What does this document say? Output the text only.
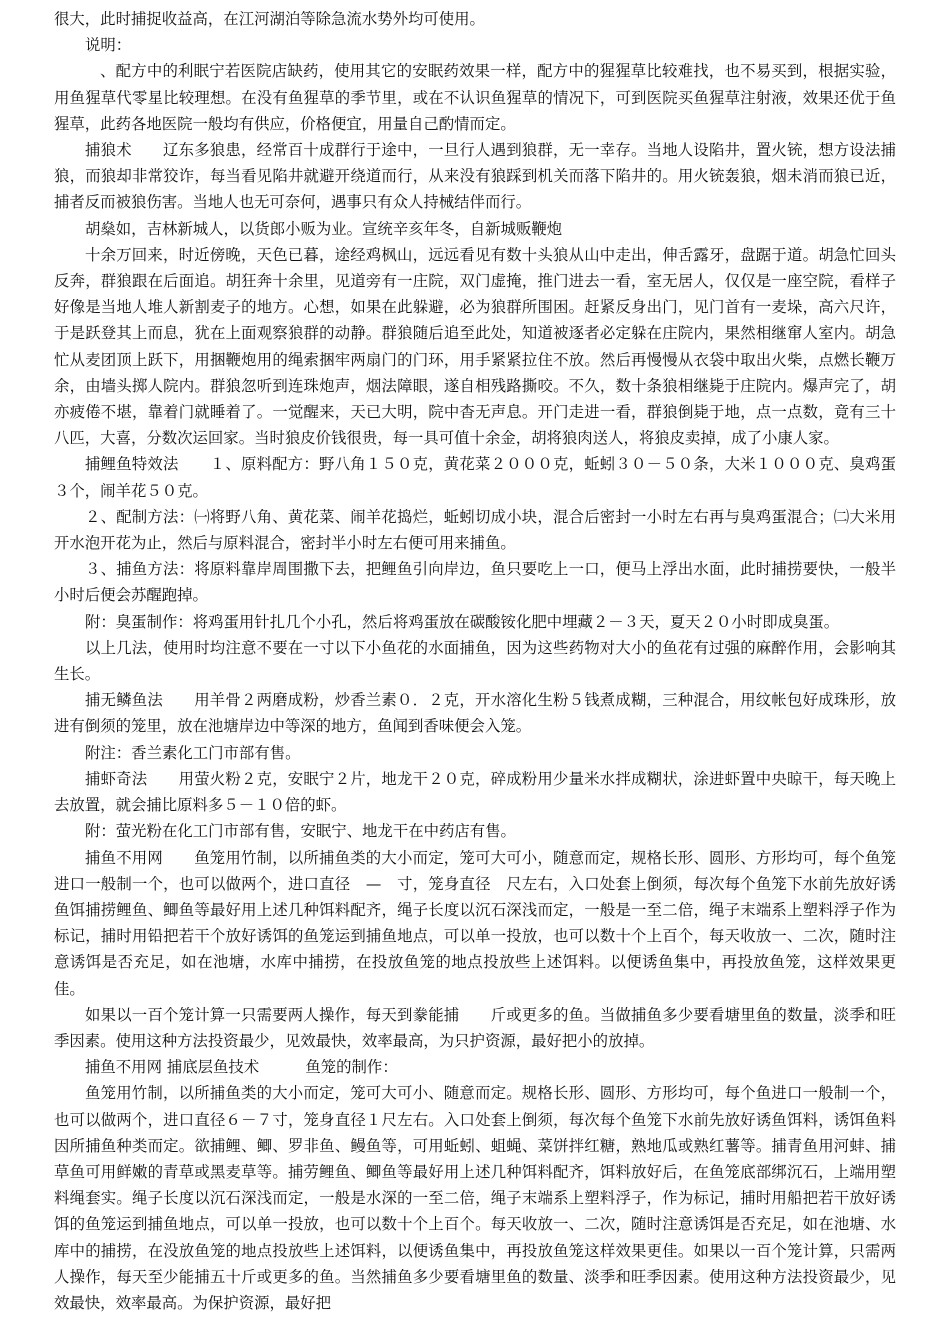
很大，此时捕捉收益高，在江河湖泊等除急流水势外均可使用。

说明：

、配方中的利眠宁若医院店缺药，使用其它的安眠药效果一样，配方中的猩猩草比较难找，也不易买到，根据实验，用鱼猩草代零星比较理想。在没有鱼猩草的季节里，或在不认识鱼猩草的情况下，可到医院买鱼猩草注射液，效果还优于鱼猩草，此药各地医院一般均有供应，价格便宜，用量自己酌情而定。

捕狼术　　辽东多狼患，经常百十成群行于途中，一旦行人遇到狼群，无一幸存。当地人设陷井，置火铳，想方设法捕狼，而狼却非常狡诈，每当看见陷井就避开绕道而行，从来没有狼踩到机关而落下陷井的。用火铳轰狼，烟未消而狼已近，捕者反而被狼伤害。当地人也无可奈何，遇事只有众人持械结伴而行。

胡燊如，吉林新城人，以货郎小贩为业。宣统辛亥年冬，自新城贩鞭炮

十余万回来，时近傍晚，天色已暮，途经鸡枫山，远远看见有数十头狼从山中走出，伸舌露牙，盘踞于道。胡急忙回头反奔，群狼跟在后面追。胡狂奔十余里，见道旁有一庄院，双门虚掩，推门进去一看，室无居人，仅仅是一座空院，看样子好像是当地人堆人新割麦子的地方。心想，如果在此躲避，必为狼群所围困。赶紧反身出门，见门首有一麦垛，高六尺许，于是跃登其上而息，犹在上面观察狼群的动静。群狼随后追至此处，知道被逐者必定躲在庄院内，果然相继窜人室内。胡急忙从麦团顶上跃下，用捆鞭炮用的绳索捆牢两扇门的门环，用手紧紧拉住不放。然后再慢慢从衣袋中取出火柴，点燃长鞭万余，由墙头掷人院内。群狼忽听到连珠炮声，烟法障眼，遂自相残路撕咬。不久，数十条狼相继毙于庄院内。爆声完了，胡亦疲倦不堪，靠着门就睡着了。一觉醒来，天已大明，院中杳无声息。开门走进一看，群狼倒毙于地，点一点数，竟有三十八匹，大喜，分数次运回家。当时狼皮价钱很贵，每一具可值十余金，胡将狼肉送人，将狼皮卖掉，成了小康人家。

捕鲤鱼特效法　　１、原料配方：野八角１５０克，黄花菜２０００克，蚯蚓３０－５０条，大米１０００克、臭鸡蛋３个，闹羊花５０克。

２、配制方法：㈠将野八角、黄花菜、闹羊花捣烂，蚯蚓切成小块，混合后密封一小时左右再与臭鸡蛋混合；㈡大米用开水泡开花为止，然后与原料混合，密封半小时左右便可用来捕鱼。

３、捕鱼方法：将原料靠岸周围撒下去，把鲤鱼引向岸边，鱼只要吃上一口，便马上浮出水面，此时捕捞要快，一般半小时后便会苏醒跑掉。

附：臭蛋制作：将鸡蛋用针扎几个小孔，然后将鸡蛋放在碳酸铵化肥中埋藏２－３天，夏天２０小时即成臭蛋。

以上几法，使用时均注意不要在一寸以下小鱼花的水面捕鱼，因为这些药物对大小的鱼花有过强的麻醉作用，会影响其生长。

捕无鳞鱼法　　用羊骨２两磨成粉，炒香兰素０．２克，开水溶化生粉５钱煮成糊，三种混合，用纹帐包好成珠形，放进有倒须的笼里，放在池塘岸边中等深的地方，鱼闻到香味便会入笼。

附注：香兰素化工门市部有售。

捕虾奇法　　用萤火粉２克，安眠宁２片，地龙干２０克，碎成粉用少量米水拌成糊状，涂进虾置中央晾干，每天晚上去放置，就会捕比原料多５－１０倍的虾。

附：萤光粉在化工门市部有售，安眠宁、地龙干在中药店有售。

捕鱼不用网　　鱼笼用竹制，以所捕鱼类的大小而定，笼可大可小，随意而定，规格长形、圆形、方形均可，每个鱼笼进口一般制一个，也可以做两个，进口直径　—　寸，笼身直径　尺左右，入口处套上倒须，每次每个鱼笼下水前先放好诱鱼饵捕捞鲤鱼、鲫鱼等最好用上述几种饵料配齐，绳子长度以沉石深浅而定，一般是一至二倍，绳子末端系上塑料浮子作为标记，捕时用铅把若干个放好诱饵的鱼笼运到捕鱼地点，可以单一投放，也可以数十个上百个，每天收放一、二次，随时注意诱饵是否充足，如在池塘，水库中捕捞，在投放鱼笼的地点投放些上述饵料。以便诱鱼集中，再投放鱼笼，这样效果更佳。

如果以一百个笼计算一只需要两人操作，每天到豢能捕　　斤或更多的鱼。当做捕鱼多少要看塘里鱼的数量，淡季和旺季因素。使用这种方法投资最少，见效最快，效率最高，为只护资源，最好把小的放掉。

捕鱼不用网 捕底层鱼技术　　　鱼笼的制作：

鱼笼用竹制，以所捕鱼类的大小而定，笼可大可小、随意而定。规格长形、圆形、方形均可，每个鱼进口一般制一个，也可以做两个，进口直径６－７寸，笼身直径１尺左右。入口处套上倒须，每次每个鱼笼下水前先放好诱鱼饵料，诱饵鱼料因所捕鱼种类而定。欲捕鲤、鲫、罗非鱼、鳗鱼等，可用蚯蚓、蛆蝇、菜饼拌红糖，熟地瓜或熟红薯等。捕青鱼用河蚌、捕草鱼可用鲜嫩的青草或黑麦草等。捕劳鲤鱼、鲫鱼等最好用上述几种饵料配齐，饵料放好后，在鱼笼底部绑沉石，上端用塑料绳套实。绳子长度以沉石深浅而定，一般是水深的一至二倍，绳子末端系上塑料浮子，作为标记，捕时用船把若干放好诱饵的鱼笼运到捕鱼地点，可以单一投放，也可以数十个上百个。每天收放一、二次，随时注意诱饵是否充足，如在池塘、水库中的捕捞，在没放鱼笼的地点投放些上述饵料，以便诱鱼集中，再投放鱼笼这样效果更佳。如果以一百个笼计算，只需两人操作，每天至少能捕五十斤或更多的鱼。当然捕鱼多少要看塘里鱼的数量、淡季和旺季因素。使用这种方法投资最少，见效最快，效率最高。为保护资源，最好把
